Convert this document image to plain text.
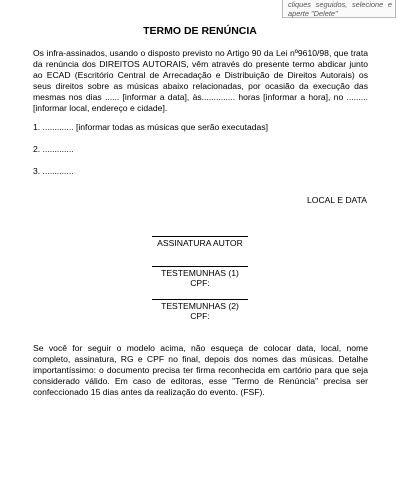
cliques seguidos, selecione e aperte "Delete"
TERMO DE RENÚNCIA
Os infra-assinados, usando o disposto previsto no Artigo 90 da Lei nº9610/98, que trata da renúncia dos DIREITOS AUTORAIS, vêm através do presente termo abdicar junto ao ECAD (Escritório Central de Arrecadação e Distribuição de Direitos Autorais) os seus direitos sobre as músicas abaixo relacionadas, por ocasião da execução das mesmas nos dias ...... [informar a data], às.............. horas [informar a hora], no ......... [informar local, endereço e cidade].
1. ............. [informar todas as músicas que serão executadas]
2. .............
3. .............
LOCAL E DATA
ASSINATURA AUTOR
TESTEMUNHAS (1)
CPF:
TESTEMUNHAS (2)
CPF:
Se você for seguir o modelo acima, não esqueça de colocar data, local, nome completo, assinatura, RG e CPF no final, depois dos nomes das músicas. Detalhe importantíssimo: o documento precisa ter firma reconhecida em cartório para que seja considerado válido. Em caso de editoras, esse "Termo de Renúncia" precisa ser confeccionado 15 dias antes da realização do evento. (FSF).
